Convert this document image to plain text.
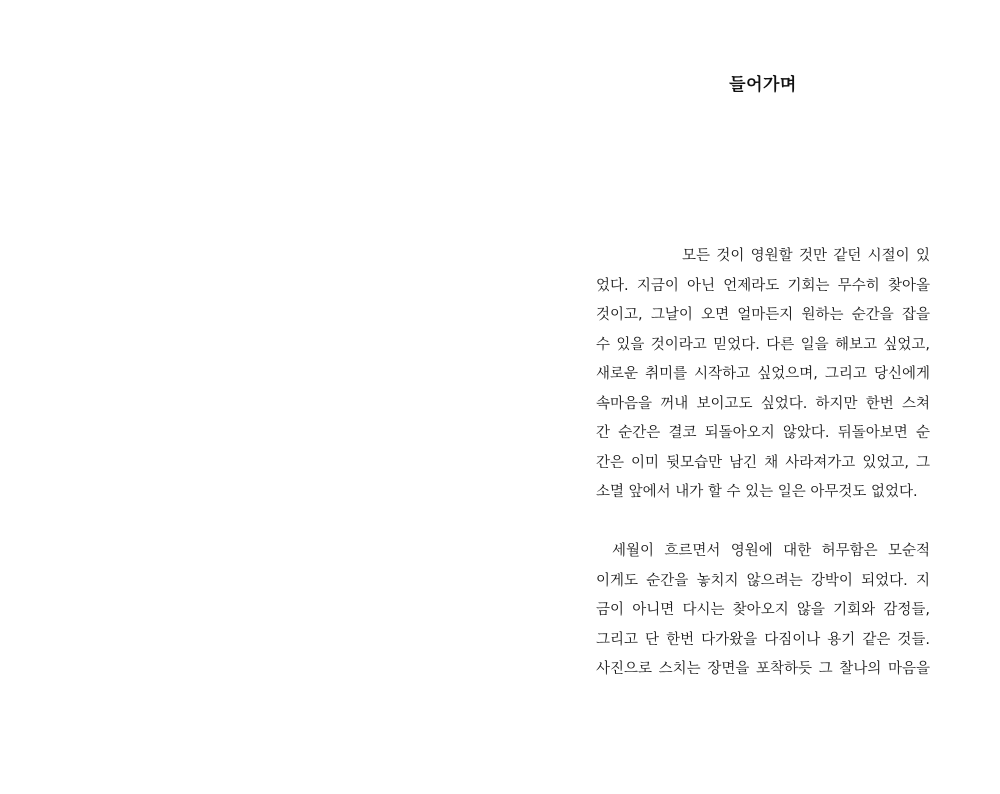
들어가며
모든 것이 영원할 것만 같던 시절이 있
었다. 지금이 아닌 언제라도 기회는 무수히 찾아올
것이고, 그날이 오면 얼마든지 원하는 순간을 잡을
수 있을 것이라고 믿었다. 다른 일을 해보고 싶었고,
새로운 취미를 시작하고 싶었으며, 그리고 당신에게
속마음을 꺼내 보이고도 싶었다. 하지만 한번 스쳐
간 순간은 결코 되돌아오지 않았다. 뒤돌아보면 순
간은 이미 뒷모습만 남긴 채 사라져가고 있었고, 그
소멸 앞에서 내가 할 수 있는 일은 아무것도 없었다.
세월이 흐르면서 영원에 대한 허무함은 모순적
이게도 순간을 놓치지 않으려는 강박이 되었다. 지
금이 아니면 다시는 찾아오지 않을 기회와 감정들,
그리고 단 한번 다가왔을 다짐이나 용기 같은 것들.
사진으로 스치는 장면을 포착하듯 그 찰나의 마음을
